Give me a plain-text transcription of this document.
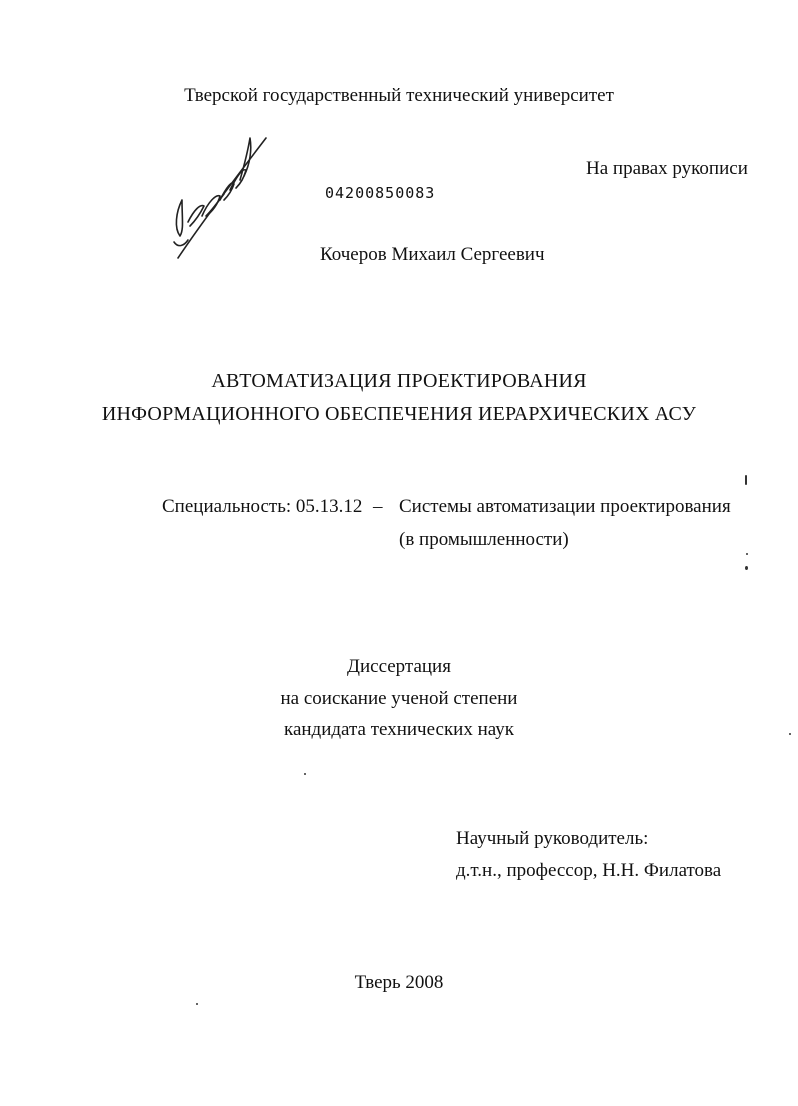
Тверской государственный технический университет
На правах рукописи
04200850083
Кочеров Михаил Сергеевич
АВТОМАТИЗАЦИЯ ПРОЕКТИРОВАНИЯ
ИНФОРМАЦИОННОГО ОБЕСПЕЧЕНИЯ ИЕРАРХИЧЕСКИХ АСУ
Специальность: 05.13.12 – Системы автоматизации проектирования
(в промышленности)
Диссертация
на соискание ученой степени
кандидата технических наук
Научный руководитель:
д.т.н., профессор, Н.Н. Филатова
Тверь 2008
